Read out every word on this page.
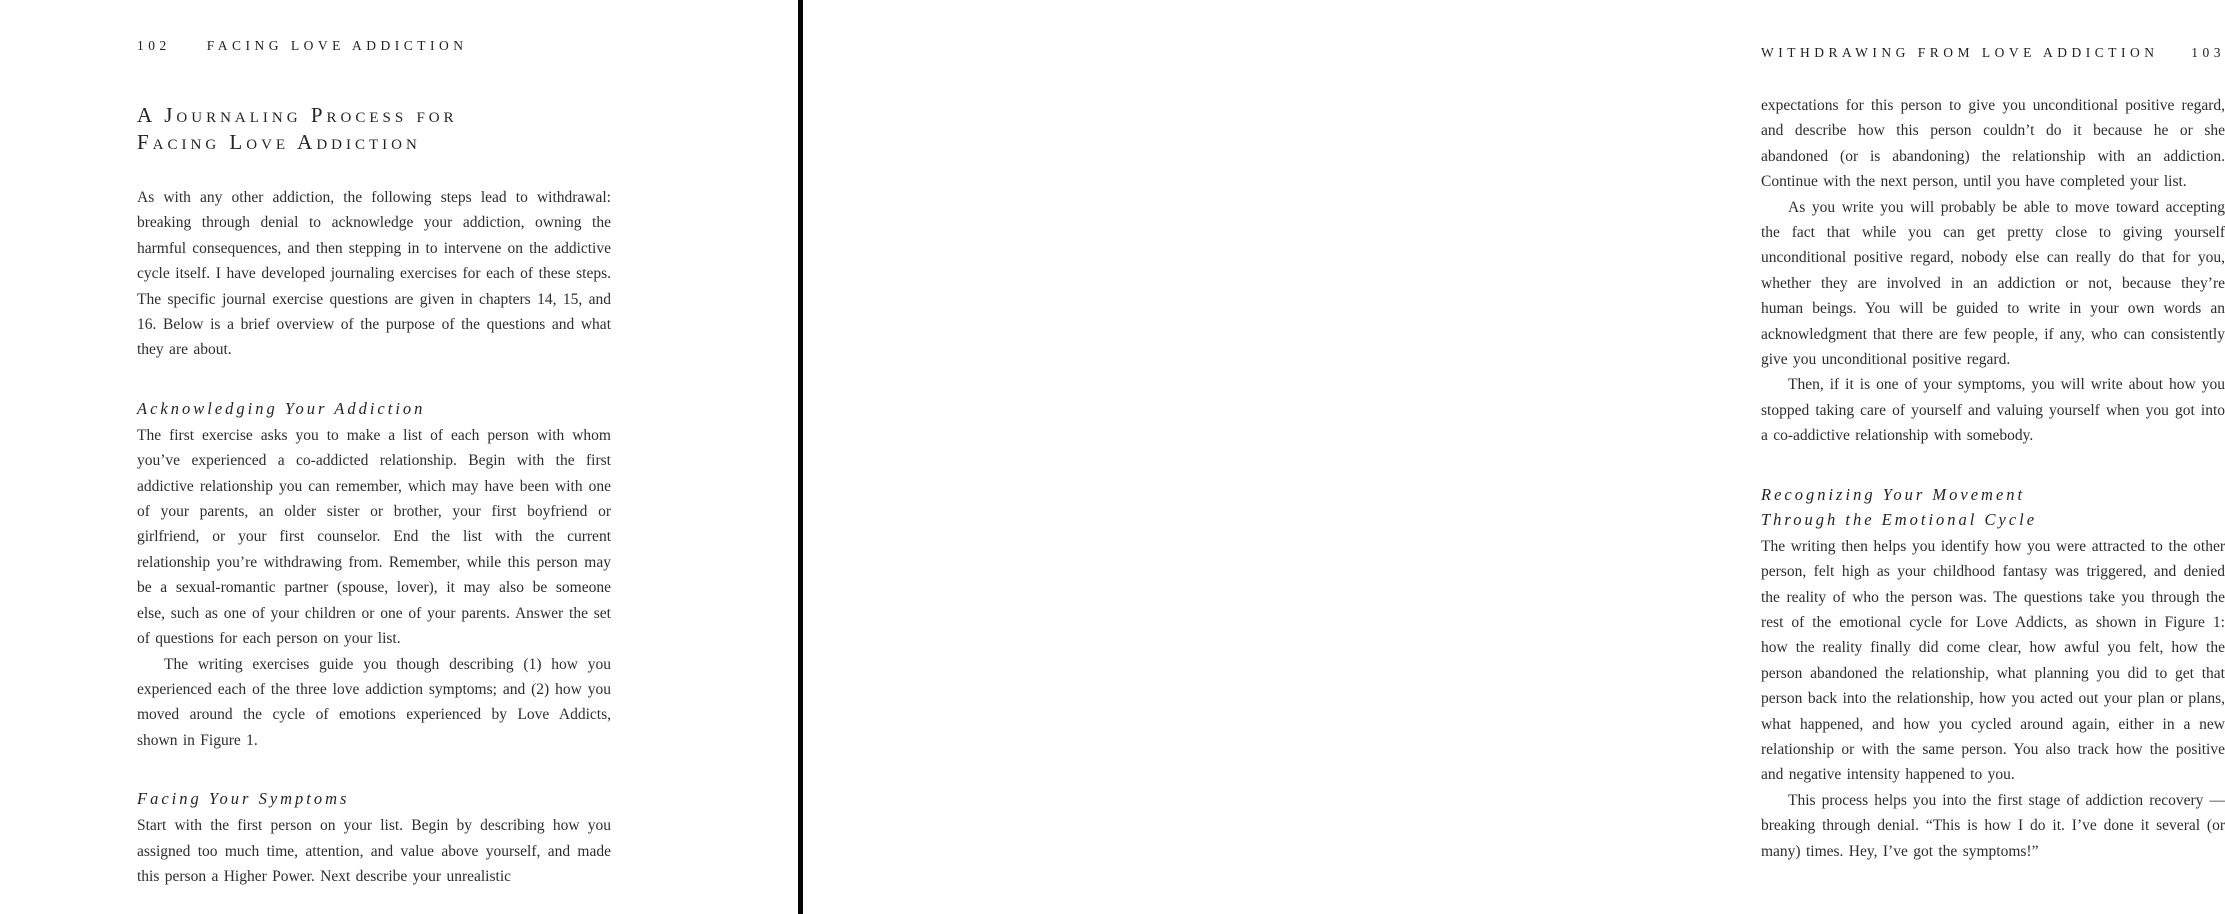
102	FACING LOVE ADDICTION
A Journaling Process for
Facing Love Addiction

As with any other addiction, the following steps lead to withdrawal: breaking through denial to acknowledge your addiction, owning the harmful consequences, and then stepping in to intervene on the addictive cycle itself. I have developed journaling exercises for each of these steps. The specific journal exercise questions are given in chapters 14, 15, and 16. Below is a brief overview of the purpose of the questions and what they are about.

Acknowledging Your Addiction

The first exercise asks you to make a list of each person with whom you’ve experienced a co-addicted relationship. Begin with the first addictive relationship you can remember, which may have been with one of your parents, an older sister or brother, your first boyfriend or girlfriend, or your first counselor. End the list with the current relationship you’re withdrawing from. Remember, while this person may be a sexual-romantic partner (spouse, lover), it may also be someone else, such as one of your children or one of your parents. Answer the set of questions for each person on your list.

The writing exercises guide you though describing (1) how you experienced each of the three love addiction symptoms; and (2) how you moved around the cycle of emotions experienced by Love Addicts, shown in Figure 1.

Facing Your Symptoms

Start with the first person on your list. Begin by describing how you assigned too much time, attention, and value above yourself, and made this person a Higher Power. Next describe your unrealistic

WITHDRAWING FROM LOVE ADDICTION 103

expectations for this person to give you unconditional positive regard, and describe how this person couldn’t do it because he or she abandoned (or is abandoning) the relationship with an addiction. Continue with the next person, until you have completed your list.

As you write you will probably be able to move toward accepting the fact that while you can get pretty close to giving yourself unconditional positive regard, nobody else can really do that for you, whether they are involved in an addiction or not, because they’re human beings. You will be guided to write in your own words an acknowledgment that there are few people, if any, who can consistently give you unconditional positive regard.

Then, if it is one of your symptoms, you will write about how you stopped taking care of yourself and valuing yourself when you got into a co-addictive relationship with somebody.

Recognizing Your Movement
Through the Emotional Cycle

The writing then helps you identify how you were attracted to the other person, felt high as your childhood fantasy was triggered, and denied the reality of who the person was. The questions take you through the rest of the emotional cycle for Love Addicts, as shown in Figure 1: how the reality finally did come clear, how awful you felt, how the person abandoned the relationship, what planning you did to get that person back into the relationship, how you acted out your plan or plans, what happened, and how you cycled around again, either in a new relationship or with the same person. You also track how the positive and negative intensity happened to you.

This process helps you into the first stage of addiction recovery —breaking through denial. “This is how I do it. I’ve done it several (or many) times. Hey, I’ve got the symptoms!”
